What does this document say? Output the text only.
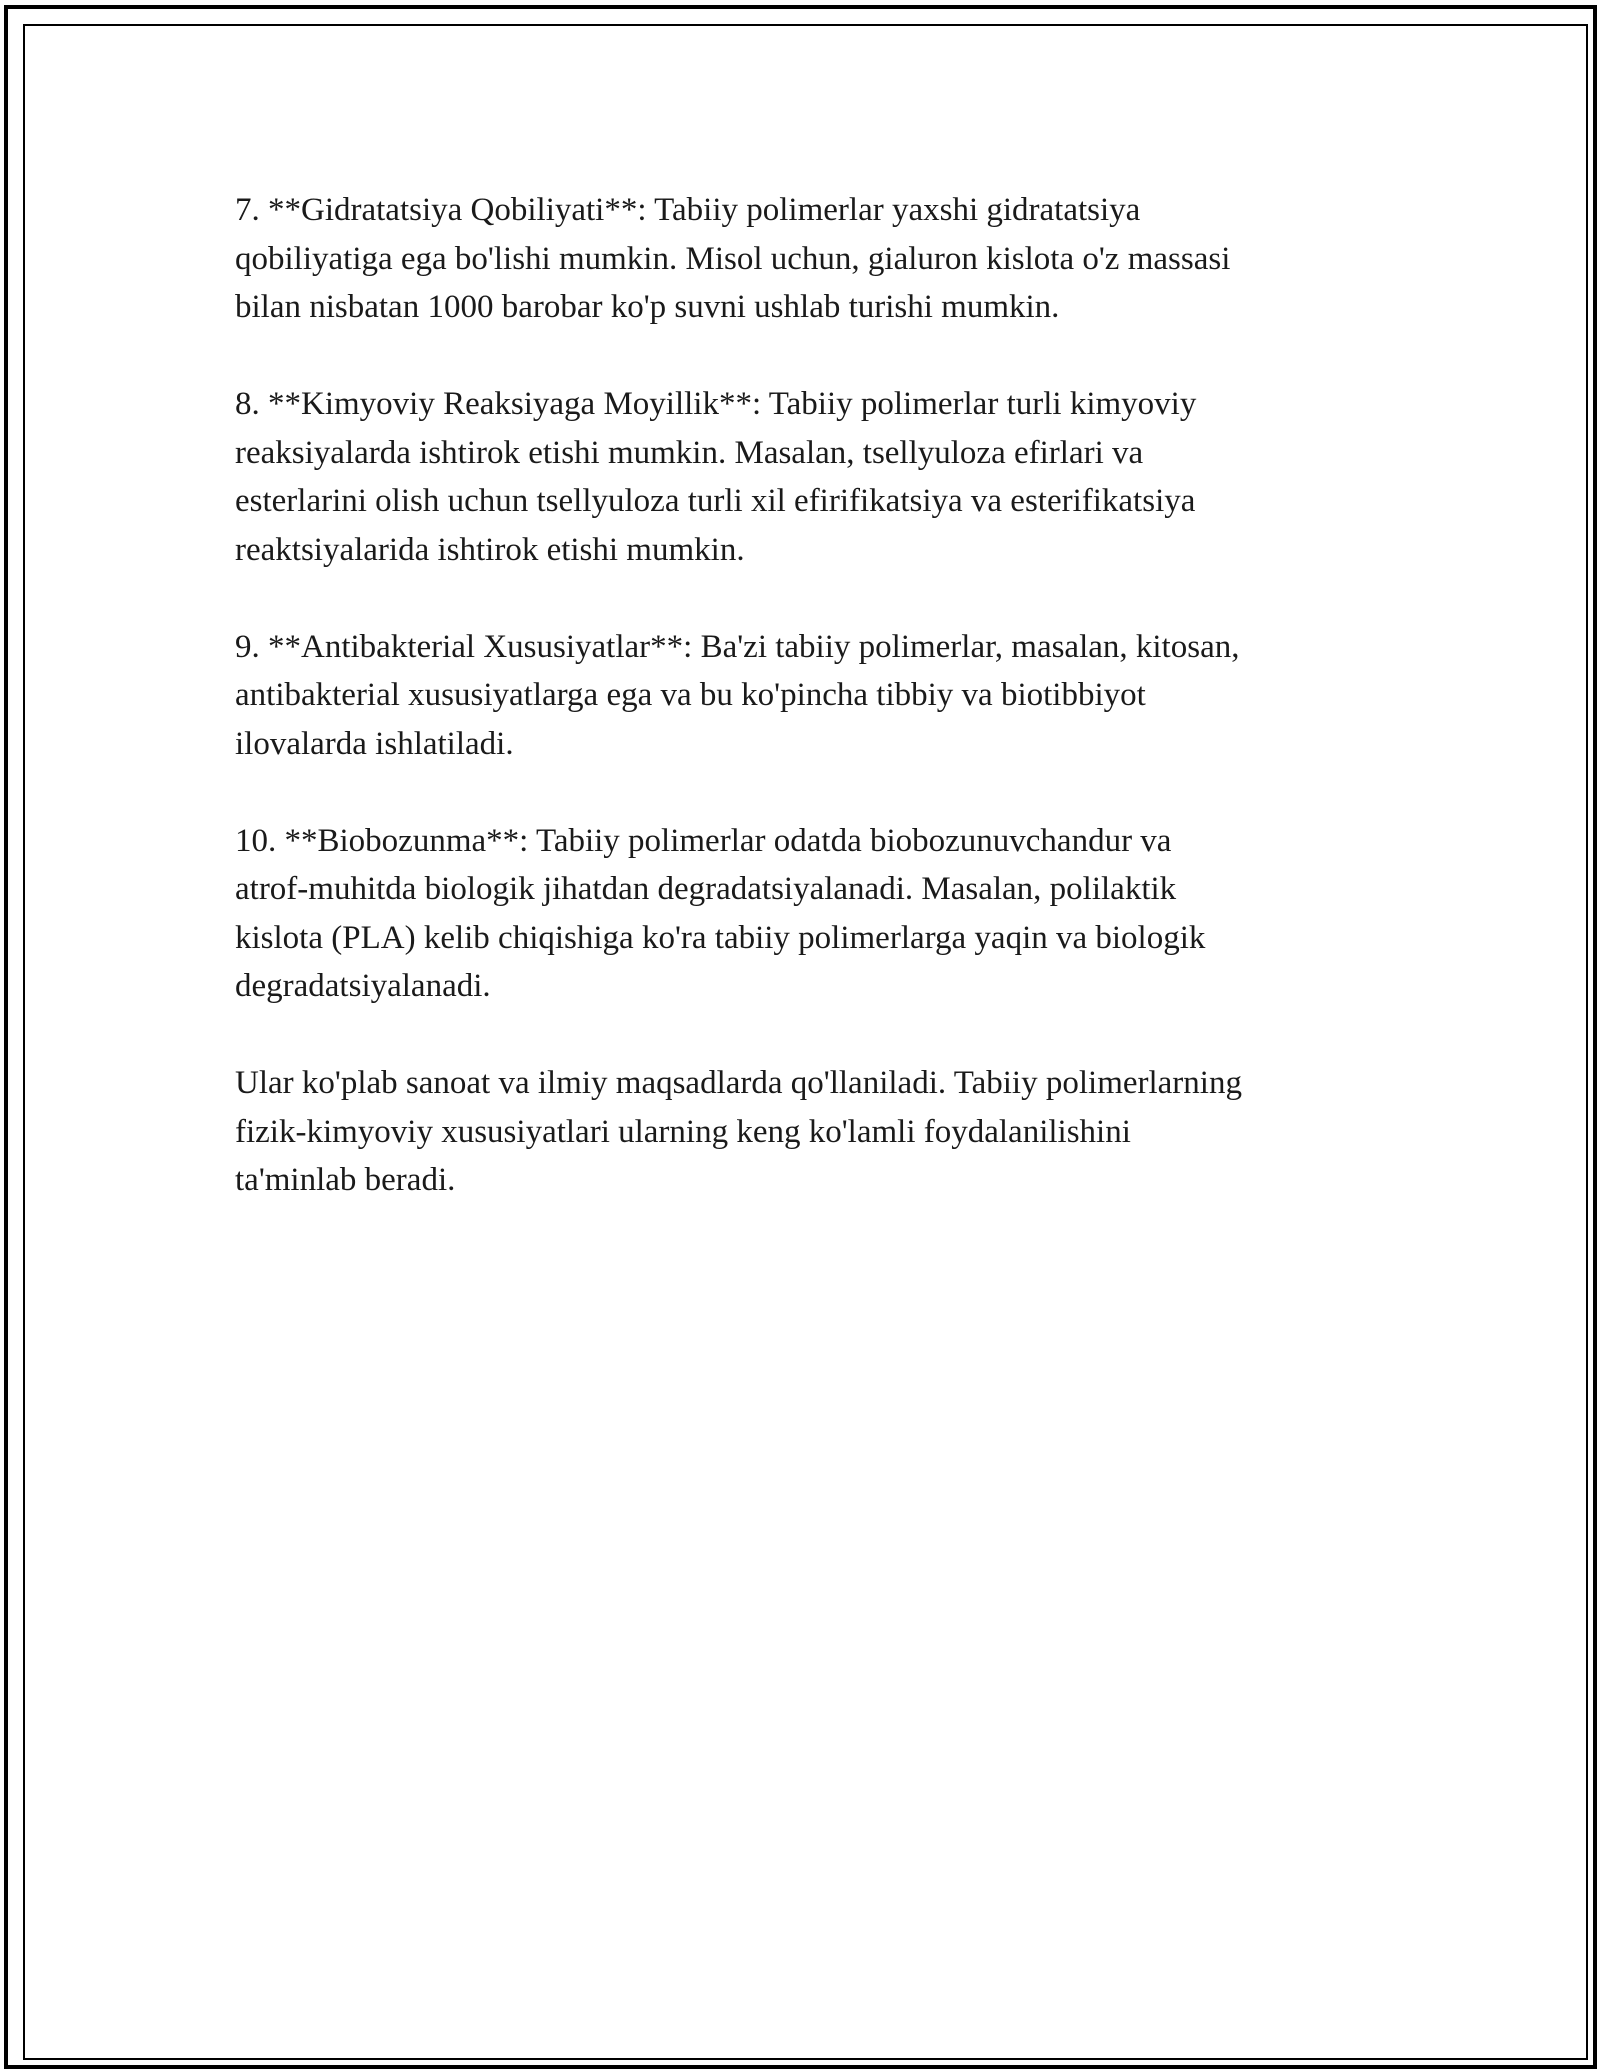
7. **Gidratatsiya Qobiliyati**: Tabiiy polimerlar yaxshi gidratatsiya
qobiliyatiga ega bo'lishi mumkin. Misol uchun, gialuron kislota o'z massasi
bilan nisbatan 1000 barobar ko'p suvni ushlab turishi mumkin.

8. **Kimyoviy Reaksiyaga Moyillik**: Tabiiy polimerlar turli kimyoviy
reaksiyalarda ishtirok etishi mumkin. Masalan, tsellyuloza efirlari va
esterlarini olish uchun tsellyuloza turli xil efirifikatsiya va esterifikatsiya
reaktsiyalarida ishtirok etishi mumkin.

9. **Antibakterial Xususiyatlar**: Ba'zi tabiiy polimerlar, masalan, kitosan,
antibakterial xususiyatlarga ega va bu ko'pincha tibbiy va biotibbiyot
ilovalarda ishlatiladi.

10. **Biobozunma**: Tabiiy polimerlar odatda biobozunuvchandur va
atrof-muhitda biologik jihatdan degradatsiyalanadi. Masalan, polilaktik
kislota (PLA) kelib chiqishiga ko'ra tabiiy polimerlarga yaqin va biologik
degradatsiyalanadi.

Ular ko'plab sanoat va ilmiy maqsadlarda qo'llaniladi. Tabiiy polimerlarning
fizik-kimyoviy xususiyatlari ularning keng ko'lamli foydalanilishini
ta'minlab beradi.
